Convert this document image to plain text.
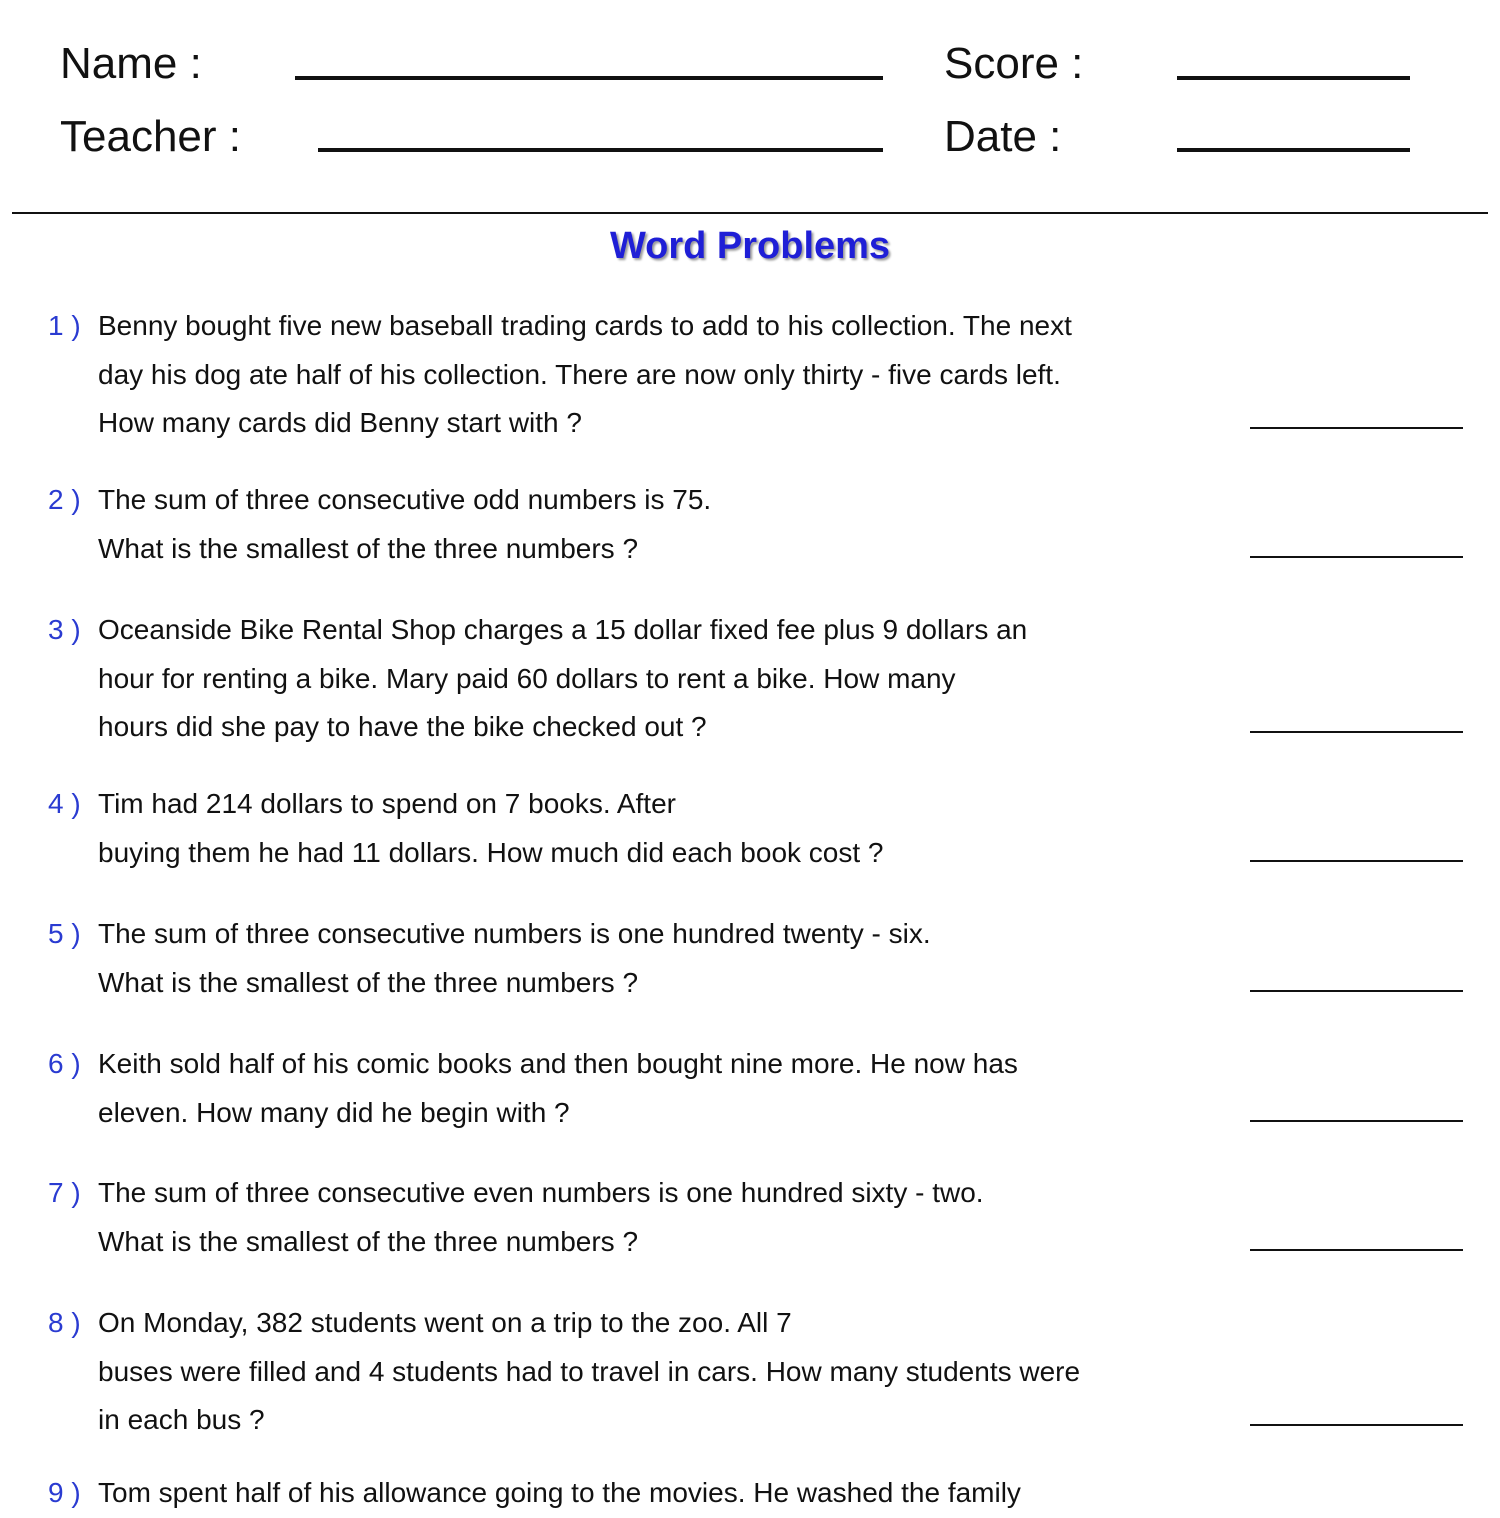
Name :
Teacher :
Score :
Date :
Word Problems
1 ) Benny bought five new baseball trading cards to add to his collection. The next
day his dog ate half of his collection. There are now only thirty - five cards left.
How many cards did Benny start with ?
2 ) The sum of three consecutive odd numbers is 75.
What is the smallest of the three numbers ?
3 ) Oceanside Bike Rental Shop charges a 15 dollar fixed fee plus 9 dollars an
hour for renting a bike. Mary paid 60 dollars to rent a bike. How many
hours did she pay to have the bike checked out ?
4 ) Tim had 214 dollars to spend on 7 books. After
buying them he had 11 dollars. How much did each book cost ?
5 ) The sum of three consecutive numbers is one hundred twenty - six.
What is the smallest of the three numbers ?
6 ) Keith sold half of his comic books and then bought nine more. He now has
eleven. How many did he begin with ?
7 ) The sum of three consecutive even numbers is one hundred sixty - two.
What is the smallest of the three numbers ?
8 ) On Monday, 382 students went on a trip to the zoo. All 7
buses were filled and 4 students had to travel in cars. How many students were
in each bus ?
9 ) Tom spent half of his allowance going to the movies. He washed the family
